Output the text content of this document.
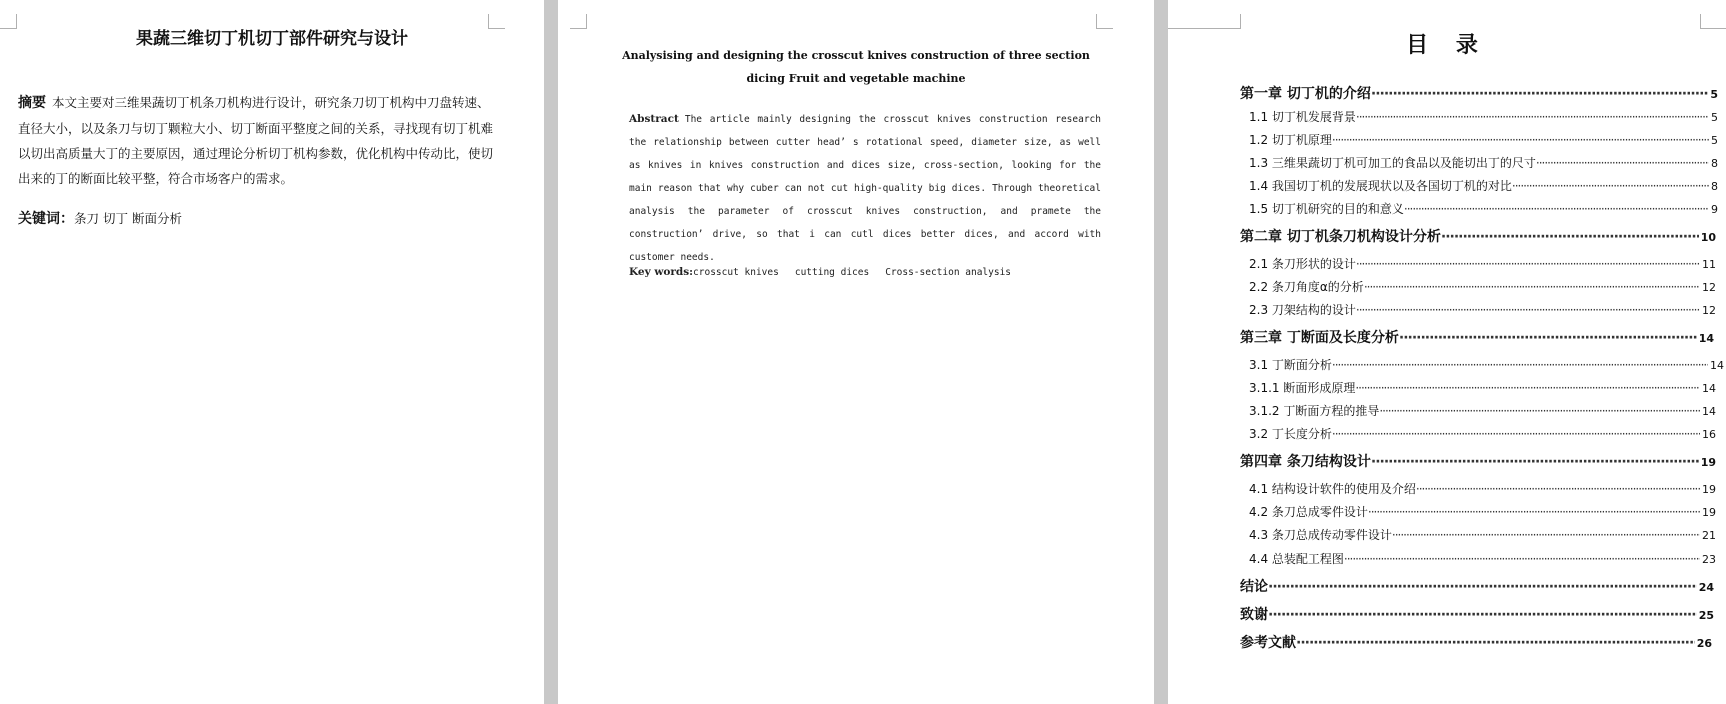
果蔬三维切丁机切丁部件研究与设计

摘要 本文主要对三维果蔬切丁机条刀机构进行设计，研究条刀切丁机构中刀盘转速、直径大小，以及条刀与切丁颗粒大小、切丁断面平整度之间的关系，寻找现有切丁机难以切出高质量大丁的主要原因，通过理论分析切丁机构参数，优化机构中传动比，使切出来的丁的断面比较平整，符合市场客户的需求。

关键词：条刀 切丁 断面分析

Analysising and designing the crosscut knives construction of three section
dicing Fruit and vegetable machine

Abstract The article mainly designing the crosscut knives construction research the relationship between cutter head’ s rotational speed, diameter size, as well as knives in knives construction and dices size, cross-section, looking for the main reason that why cuber can not cut high-quality big dices. Through theoretical analysis the parameter of crosscut knives construction, and pramete the construction’ drive, so that i can cutl dices better dices, and accord with customer needs.

Key words:crosscut knives cutting dices Cross-section analysis

目 录
第一章 切丁机的介绍 ·····	5
1.1 切丁机发展背景 ·····	5
1.2 切丁机原理 ·····	5
1.3 三维果蔬切丁机可加工的食品以及能切出丁的尺寸 ·····	8
1.4 我国切丁机的发展现状以及各国切丁机的对比 ·····	8
1.5 切丁机研究的目的和意义 ·····	9
第二章 切丁机条刀机构设计分析 ·····	10
2.1 条刀形状的设计 ·····	11
2.2 条刀角度α的分析 ·····	12
2.3 刀架结构的设计 ·····	12
第三章 丁断面及长度分析 ·····	14
3.1 丁断面分析 ·····	14
3.1.1 断面形成原理 ·····	14
3.1.2 丁断面方程的推导 ·····	14
3.2 丁长度分析 ·····	16
第四章 条刀结构设计 ·····	19
4.1 结构设计软件的使用及介绍 ·····	19
4.2 条刀总成零件设计 ·····	19
4.3 条刀总成传动零件设计 ·····	21
4.4 总装配工程图 ·····	23
结论 ·····	24
致谢 ·····	25
参考文献 ·····	26
